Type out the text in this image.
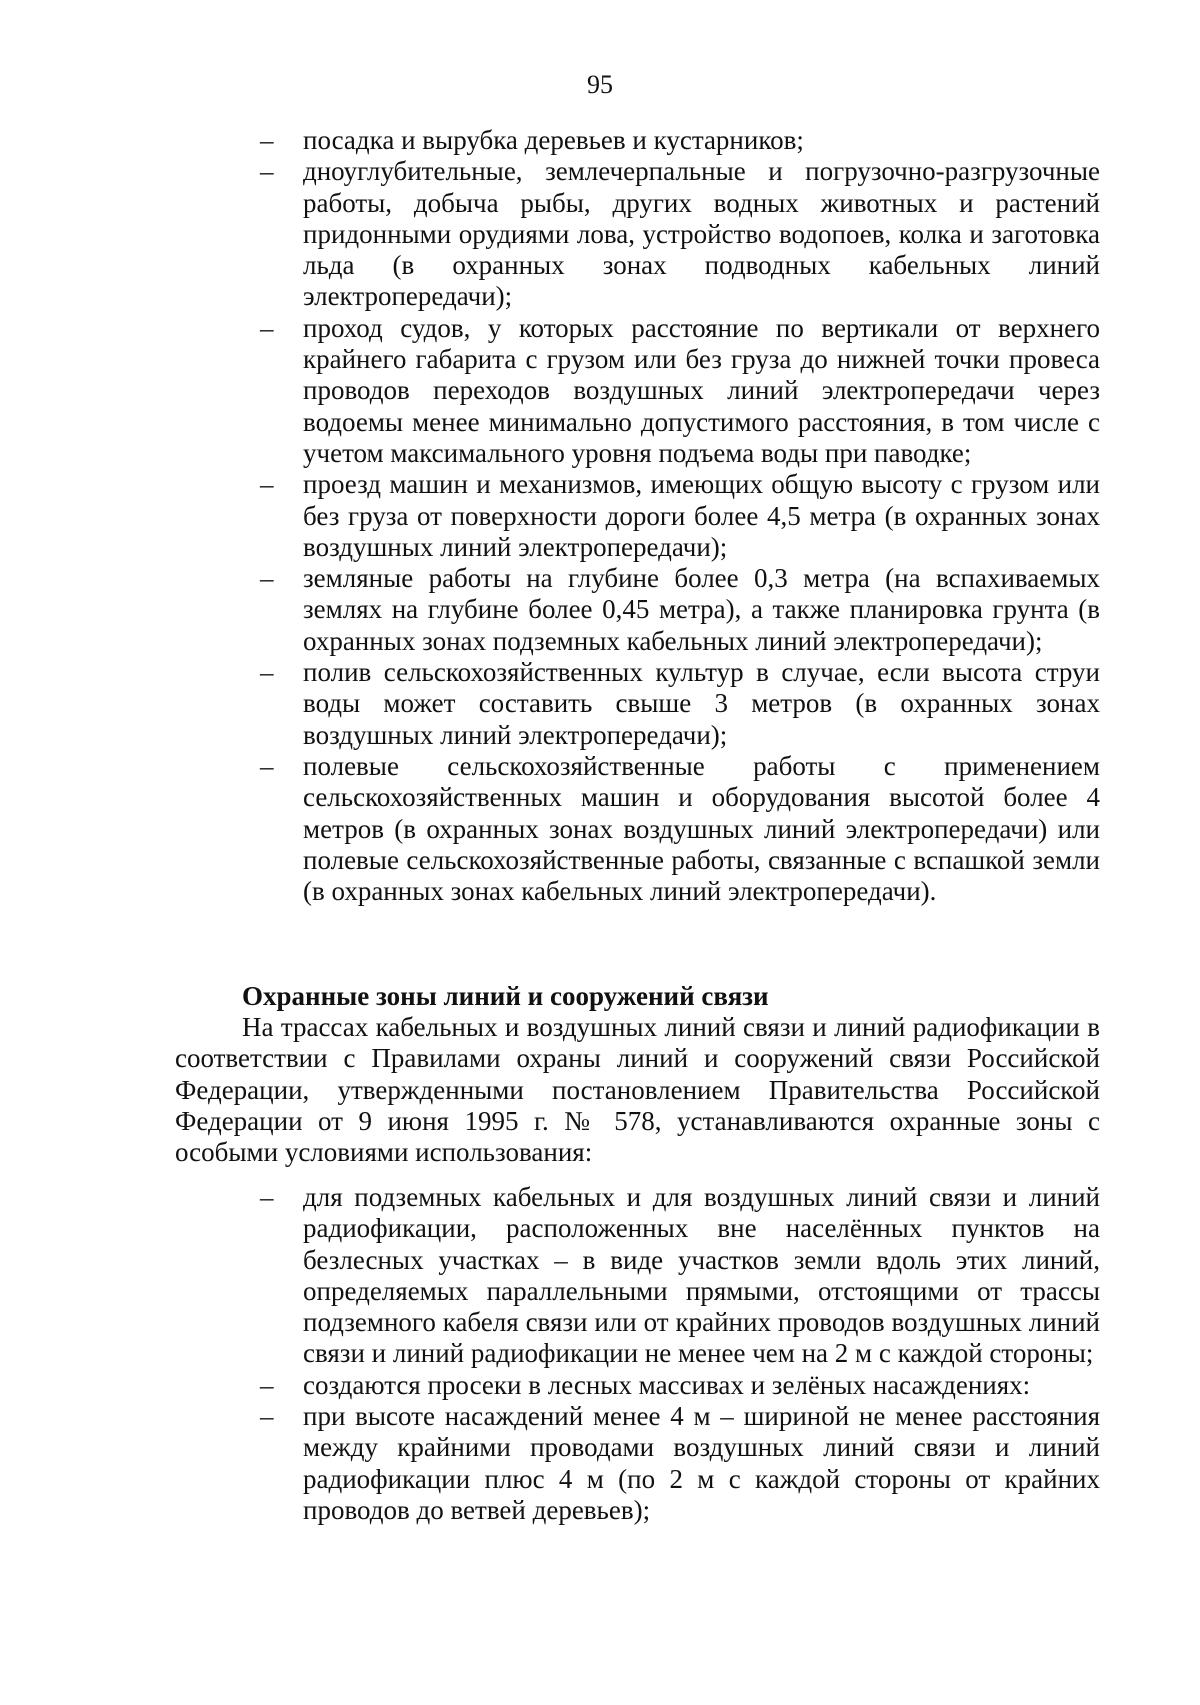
95
– посадка и вырубка деревьев и кустарников;
– дноуглубительные, землечерпальные и погрузочно-разгрузочные работы, добыча рыбы, других водных животных и растений придонными орудиями лова, устройство водопоев, колка и заготовка льда (в охранных зонах подводных кабельных линий электропередачи);
– проход судов, у которых расстояние по вертикали от верхнего крайнего габарита с грузом или без груза до нижней точки провеса проводов переходов воздушных линий электропередачи через водоемы менее минимально допустимого расстояния, в том числе с учетом максимального уровня подъема воды при паводке;
– проезд машин и механизмов, имеющих общую высоту с грузом или без груза от поверхности дороги более 4,5 метра (в охранных зонах воздушных линий электропередачи);
– земляные работы на глубине более 0,3 метра (на вспахиваемых землях на глубине более 0,45 метра), а также планировка грунта (в охранных зонах подземных кабельных линий электропередачи);
– полив сельскохозяйственных культур в случае, если высота струи воды может составить свыше 3 метров (в охранных зонах воздушных линий электропередачи);
– полевые сельскохозяйственные работы с применением сельскохозяйственных машин и оборудования высотой более 4 метров (в охранных зонах воздушных линий электропередачи) или полевые сельскохозяйственные работы, связанные с вспашкой земли (в охранных зонах кабельных линий электропередачи).
Охранные зоны линий и сооружений связи

На трассах кабельных и воздушных линий связи и линий радиофикации в соответствии с Правилами охраны линий и сооружений связи Российской Федерации, утвержденными постановлением Правительства Российской Федерации от 9 июня 1995 г. № 578, устанавливаются охранные зоны с особыми условиями использования:

– для подземных кабельных и для воздушных линий связи и линий радиофикации, расположенных вне населённых пунктов на безлесных участках – в виде участков земли вдоль этих линий, определяемых параллельными прямыми, отстоящими от трассы подземного кабеля связи или от крайних проводов воздушных линий связи и линий радиофикации не менее чем на 2 м с каждой стороны;
– создаются просеки в лесных массивах и зелёных насаждениях:
– при высоте насаждений менее 4 м – шириной не менее расстояния между крайними проводами воздушных линий связи и линий радиофикации плюс 4 м (по 2 м с каждой стороны от крайних проводов до ветвей деревьев);
